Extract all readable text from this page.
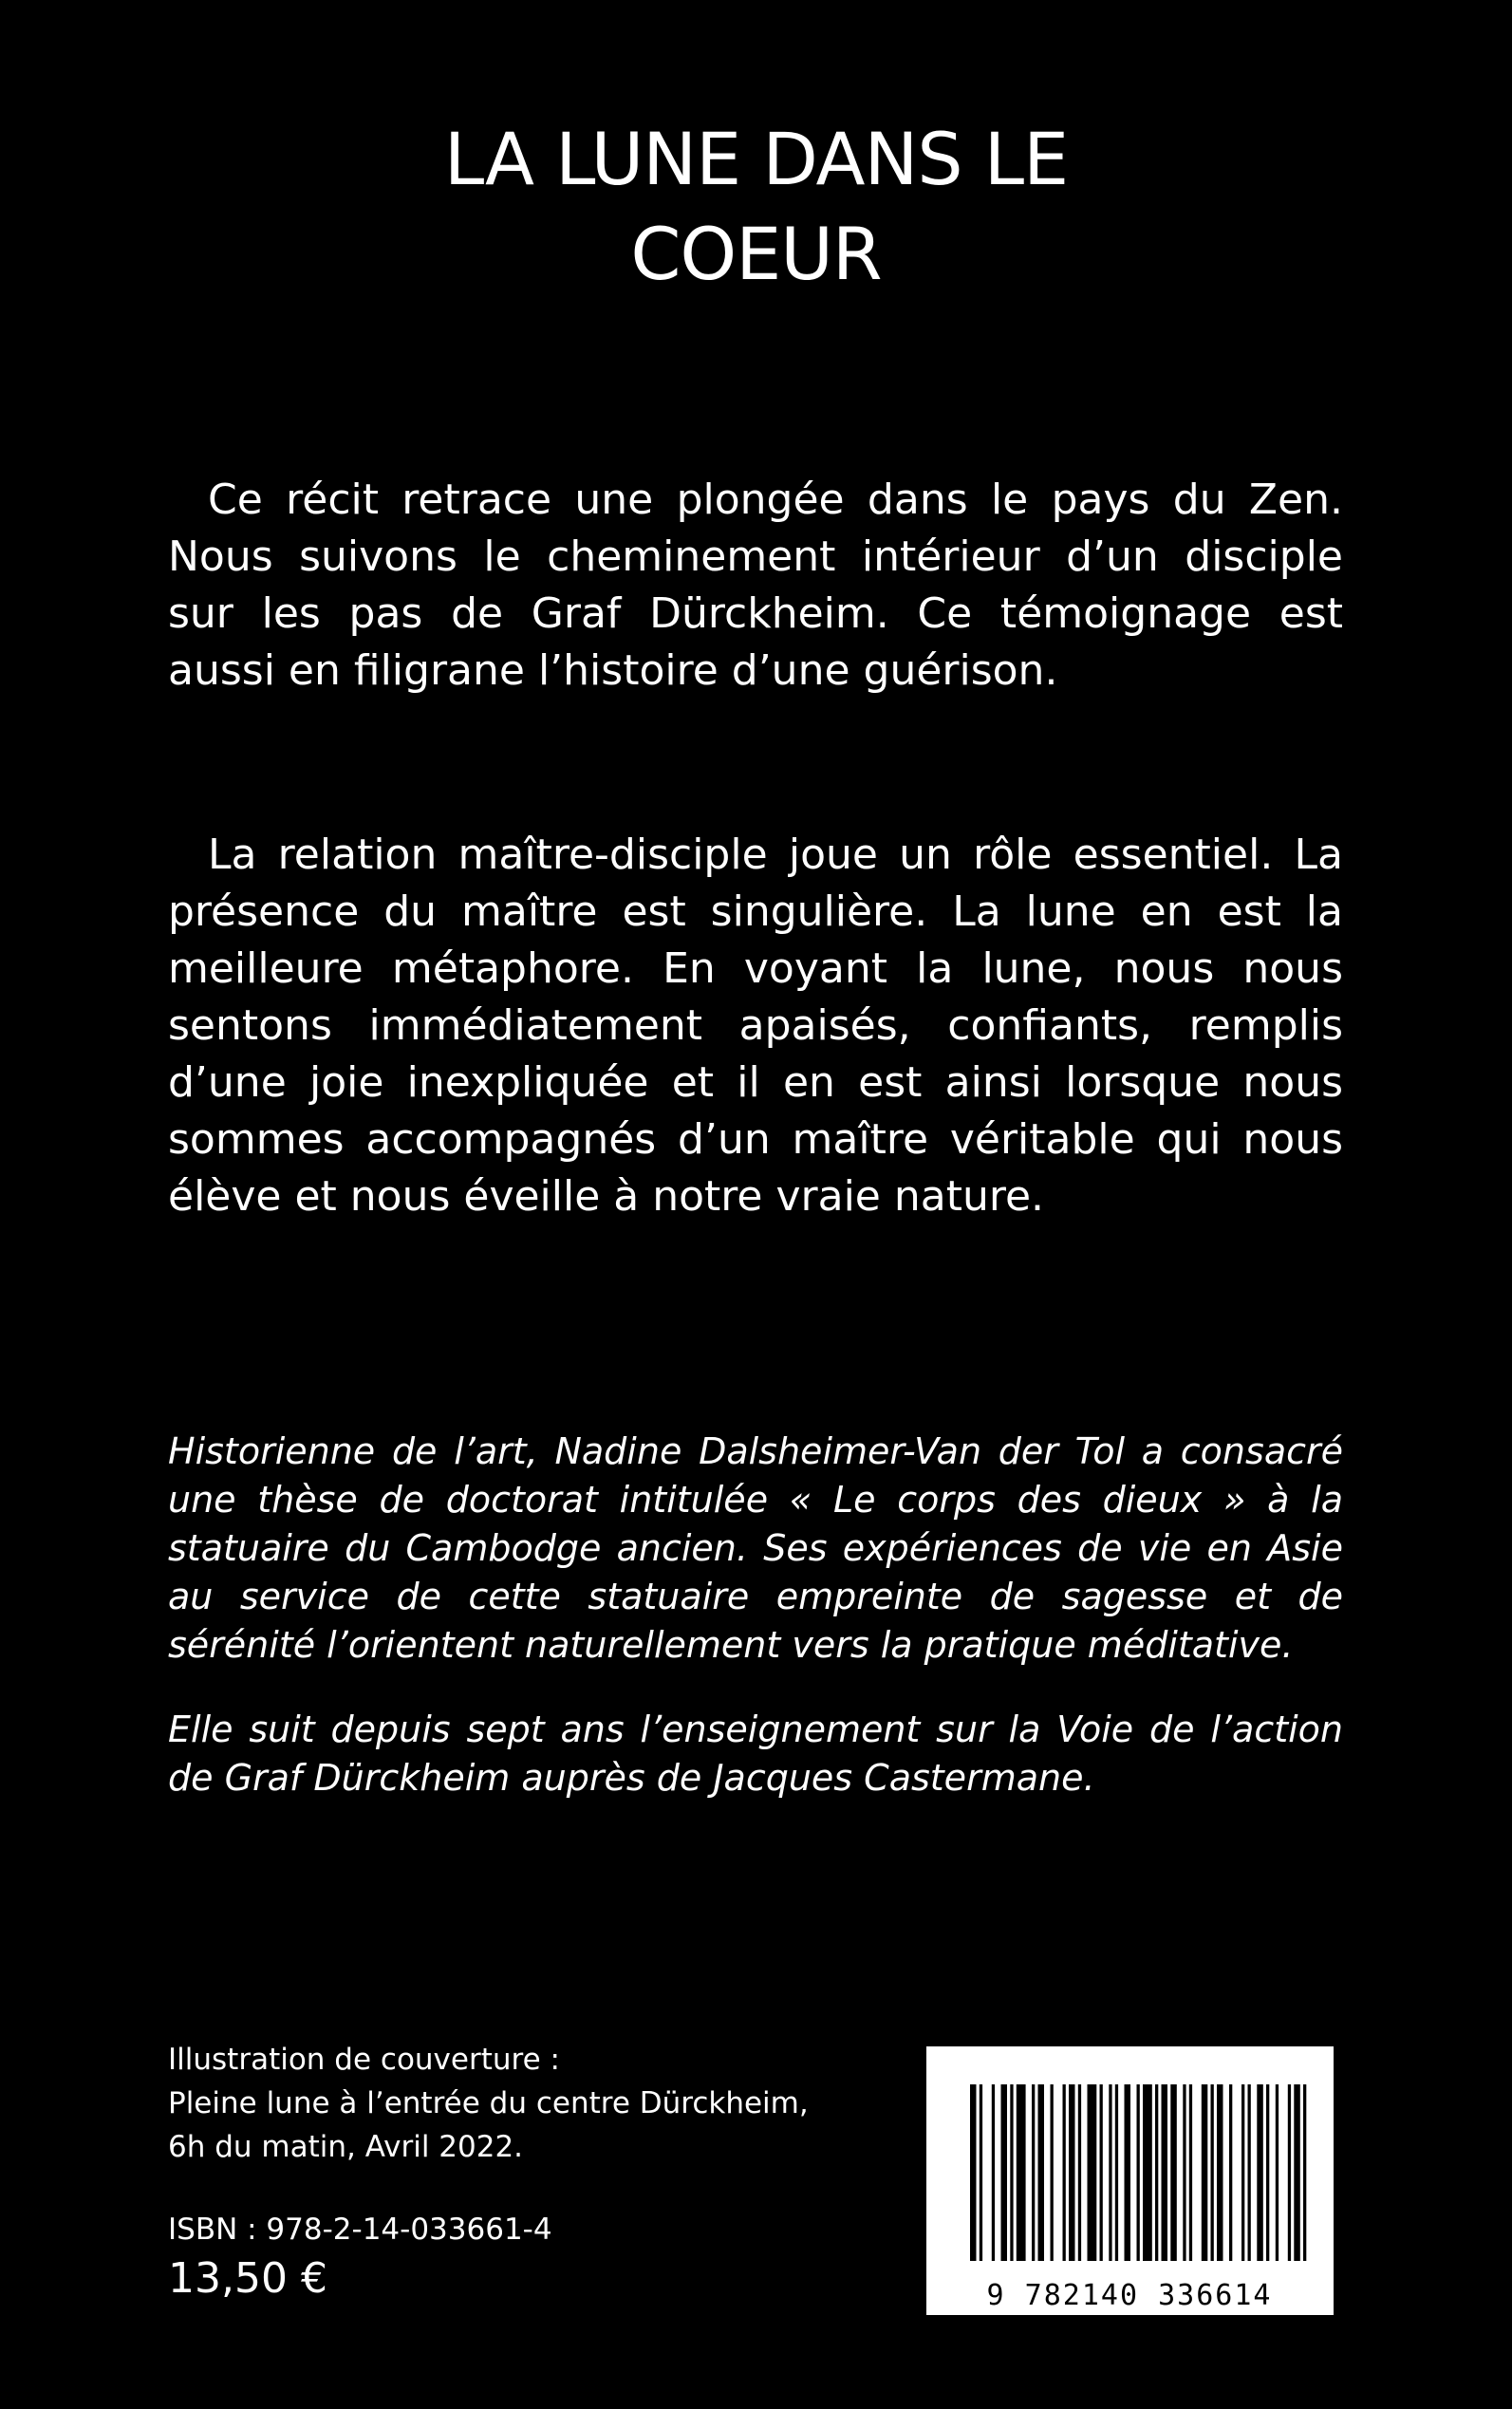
LA LUNE DANS LE
COEUR

Ce récit retrace une plongée dans le pays du Zen. Nous suivons le cheminement intérieur d’un disciple sur les pas de Graf Dürckheim. Ce témoignage est aussi en filigrane l’histoire d’une guérison.

La relation maître-disciple joue un rôle essentiel. La présence du maître est singulière. La lune en est la meilleure métaphore. En voyant la lune, nous nous sentons immédiatement apaisés, confiants, remplis d’une joie inexpliquée et il en est ainsi lorsque nous sommes accompagnés d’un maître véritable qui nous élève et nous éveille à notre vraie nature.

Historienne de l’art, Nadine Dalsheimer-Van der Tol a consacré une thèse de doctorat intitulée « Le corps des dieux » à la statuaire du Cambodge ancien. Ses expériences de vie en Asie au service de cette statuaire empreinte de sagesse et de sérénité l’orientent naturellement vers la pratique méditative.

Elle suit depuis sept ans l’enseignement sur la Voie de l’action de Graf Dürckheim auprès de Jacques Castermane.

Illustration de couverture :
Pleine lune à l’entrée du centre Dürckheim,
6h du matin, Avril 2022.
ISBN : 978-2-14-033661-4
13,50 €	9 782140 336614
